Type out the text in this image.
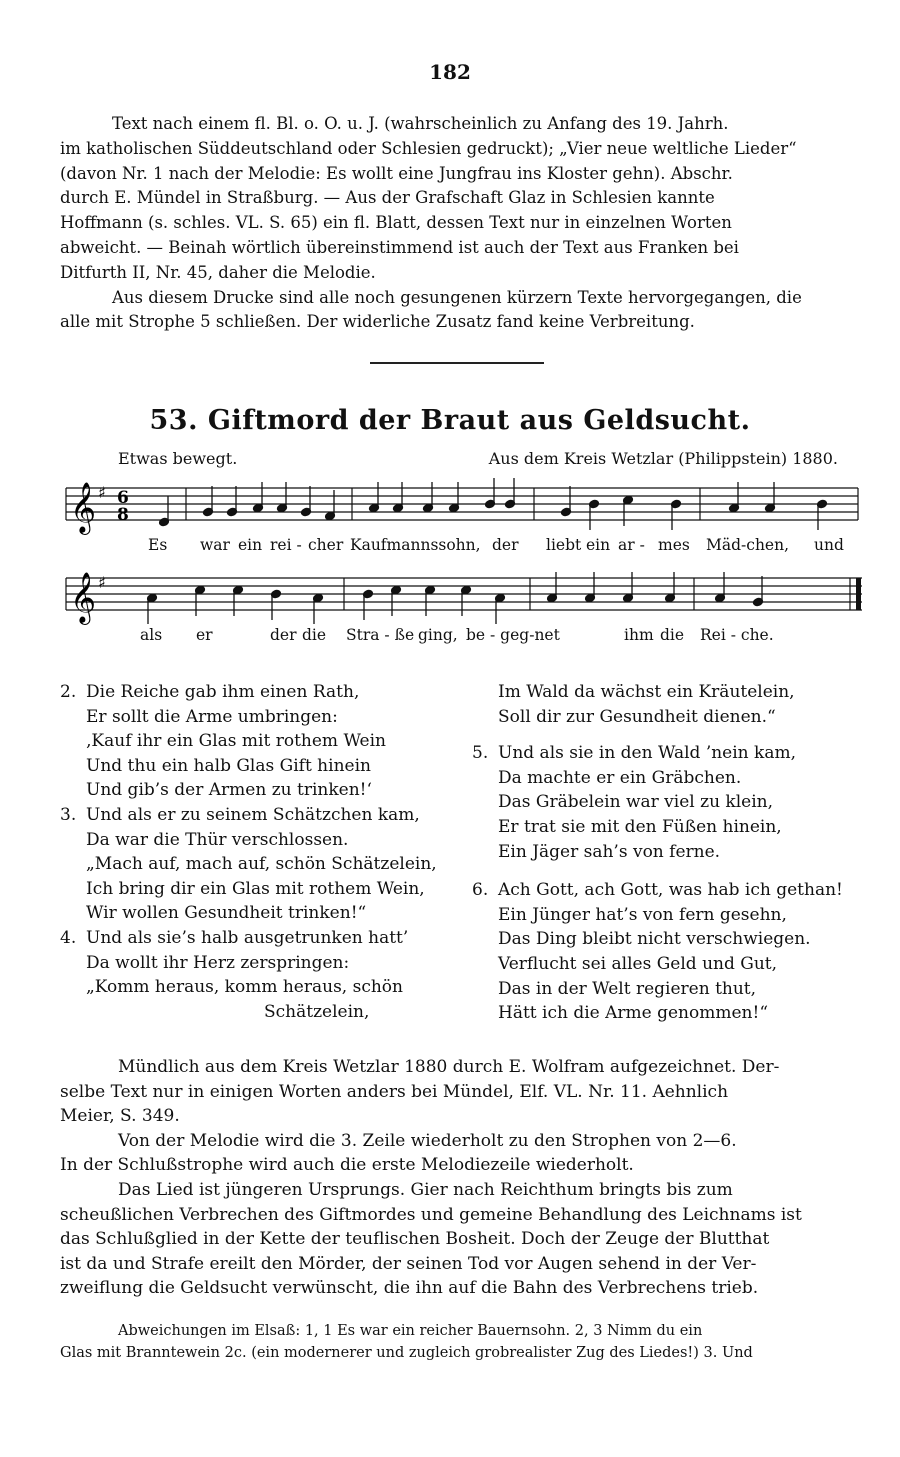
182
Text nach einem fl. Bl. o. O. u. J. (wahrscheinlich zu Anfang des 19. Jahrh.
im katholischen Süddeutschland oder Schlesien gedruckt); „Vier neue weltliche Lieder“
(davon Nr. 1 nach der Melodie: Es wollt eine Jungfrau ins Kloster gehn). Abschr.
durch E. Mündel in Straßburg. — Aus der Grafschaft Glaz in Schlesien kannte
Hoffmann (s. schles. VL. S. 65) ein fl. Blatt, dessen Text nur in einzelnen Worten
abweicht. — Beinah wörtlich übereinstimmend ist auch der Text aus Franken bei
Ditfurth II, Nr. 45, daher die Melodie.
Aus diesem Drucke sind alle noch gesungenen kürzern Texte hervorgegangen, die
alle mit Strophe 5 schließen. Der widerliche Zusatz fand keine Verbreitung.
53. Giftmord der Braut aus Geldsucht.
Etwas bewegt.	Aus dem Kreis Wetzlar (Philippstein) 1880.
𝄞 ♯ 6
8
Es war ein rei - cher Kaufmannssohn, der liebt ein ar - mes Mäd-chen, und
𝄞 ♯
als er	der die Stra - ße ging, be - geg-net	ihm die Rei - che.
2. Die Reiche gab ihm einen Rath,
Er sollt die Arme umbringen:
‚Kauf ihr ein Glas mit rothem Wein
Und thu ein halb Glas Gift hinein
Und gib’s der Armen zu trinken!‘
3. Und als er zu seinem Schätzchen kam,
Da war die Thür verschlossen.
„Mach auf, mach auf, schön Schätzelein,
Ich bring dir ein Glas mit rothem Wein,
Wir wollen Gesundheit trinken!“
4. Und als sie’s halb ausgetrunken hatt’
Da wollt ihr Herz zerspringen:
„Komm heraus, komm heraus, schön
Schätzelein,
Im Wald da wächst ein Kräutelein,
Soll dir zur Gesundheit dienen.“
5. Und als sie in den Wald ’nein kam,
Da machte er ein Gräbchen.
Das Gräbelein war viel zu klein,
Er trat sie mit den Füßen hinein,
Ein Jäger sah’s von ferne.
6. Ach Gott, ach Gott, was hab ich gethan!
Ein Jünger hat’s von fern gesehn,
Das Ding bleibt nicht verschwiegen.
Verflucht sei alles Geld und Gut,
Das in der Welt regieren thut,
Hätt ich die Arme genommen!“
Mündlich aus dem Kreis Wetzlar 1880 durch E. Wolfram aufgezeichnet. Der-
selbe Text nur in einigen Worten anders bei Mündel, Elf. VL. Nr. 11. Aehnlich
Meier, S. 349.
Von der Melodie wird die 3. Zeile wiederholt zu den Strophen von 2—6.
In der Schlußstrophe wird auch die erste Melodiezeile wiederholt.
Das Lied ist jüngeren Ursprungs. Gier nach Reichthum bringts bis zum
scheußlichen Verbrechen des Giftmordes und gemeine Behandlung des Leichnams ist
das Schlußglied in der Kette der teuflischen Bosheit. Doch der Zeuge der Blutthat
ist da und Strafe ereilt den Mörder, der seinen Tod vor Augen sehend in der Ver-
zweiflung die Geldsucht verwünscht, die ihn auf die Bahn des Verbrechens trieb.
Abweichungen im Elsaß: 1, 1 Es war ein reicher Bauernsohn. 2, 3 Nimm du ein
Glas mit Branntewein 2c. (ein modernerer und zugleich grobrealister Zug des Liedes!) 3. Und
